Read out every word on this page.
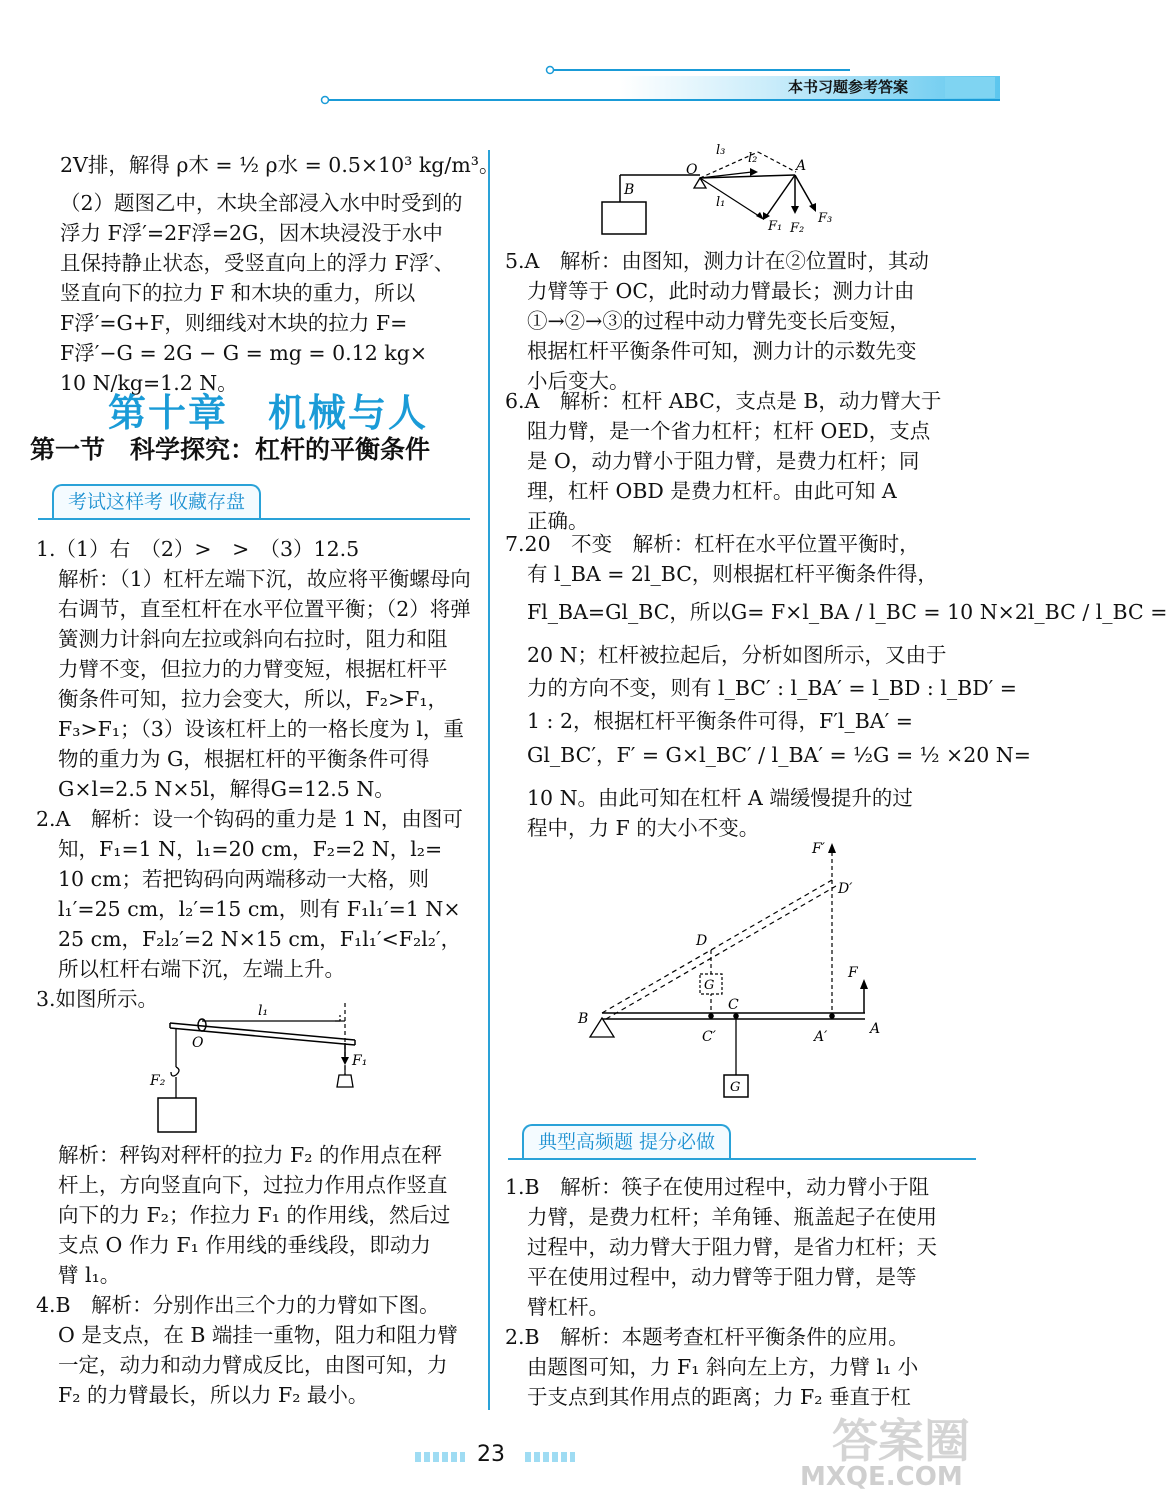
本书习题参考答案
2V排，解得 ρ木 = ½ ρ水 = 0.5×10³ kg/m³。
（2）题图乙中，木块全部浸入水中时受到的
浮力 F浮′=2F浮=2G，因木块浸没于水中
且保持静止状态，受竖直向上的浮力 F浮′、
竖直向下的拉力 F 和木块的重力，所以
F浮′=G+F，则细线对木块的拉力 F=
F浮′−G = 2G − G = mg = 0.12 kg×
10 N/kg=1.2 N。
第十章　机械与人
第一节　科学探究：杠杆的平衡条件
考试这样考 收藏存盘
1.（1）右　（2）>　>　（3）12.5
解析：（1）杠杆左端下沉，故应将平衡螺母向
右调节，直至杠杆在水平位置平衡；（2）将弹
簧测力计斜向左拉或斜向右拉时，阻力和阻
力臂不变，但拉力的力臂变短，根据杠杆平
衡条件可知，拉力会变大，所以，F₂>F₁，
F₃>F₁；（3）设该杠杆上的一格长度为 l，重
物的重力为 G，根据杠杆的平衡条件可得
G×l=2.5 N×5l，解得G=12.5 N。
2.A　解析：设一个钩码的重力是 1 N，由图可
知，F₁=1 N，l₁=20 cm，F₂=2 N，l₂=
10 cm；若把钩码向两端移动一大格，则
l₁′=25 cm，l₂′=15 cm，则有 F₁l₁′=1 N×
25 cm，F₂l₂′=2 N×15 cm，F₁l₁′<F₂l₂′，
所以杠杆右端下沉，左端上升。
3.如图所示。	l₁
O
F₁
F₂
解析：秤钩对秤杆的拉力 F₂ 的作用点在秤
杆上，方向竖直向下，过拉力作用点作竖直
向下的力 F₂；作拉力 F₁ 的作用线，然后过
支点 O 作力 F₁ 作用线的垂线段，即动力
臂 l₁。
4.B　解析：分别作出三个力的力臂如下图。
O 是支点，在 B 端挂一重物，阻力和阻力臂
一定，动力和动力臂成反比，由图可知，力
F₂ 的力臂最长，所以力 F₂ 最小。
l₃
l₂
l₁
O	A
B
F₁ F₂
F₃
5.A　解析：由图知，测力计在②位置时，其动
力臂等于 OC，此时动力臂最长；测力计由
①→②→③的过程中动力臂先变长后变短，
根据杠杆平衡条件可知，测力计的示数先变
小后变大。
6.A　解析：杠杆 ABC，支点是 B，动力臂大于
阻力臂，是一个省力杠杆；杠杆 OED，支点
是 O，动力臂小于阻力臂，是费力杠杆；同
理，杠杆 OBD 是费力杠杆。由此可知 A
正确。
7.20　不变　解析：杠杆在水平位置平衡时，
有 l_BA = 2l_BC，则根据杠杆平衡条件得，
Fl_BA=Gl_BC，所以G= F×l_BA / l_BC = 10 N×2l_BC / l_BC =
20 N；杠杆被拉起后，分析如图所示，又由于
力的方向不变，则有 l_BC′ : l_BA′ = l_BD : l_BD′ =
1 : 2，根据杠杆平衡条件可得，F′l_BA′ =
Gl_BC′，F′ = G×l_BC′ / l_BA′ = ½G = ½ ×20 N=
10 N。由此可知在杠杆 A 端缓慢提升的过
程中，力 F 的大小不变。
F′
D′
D
G
C
F
B
C′	A′	A
G
典型高频题 提分必做
1.B　解析：筷子在使用过程中，动力臂小于阻
力臂，是费力杠杆；羊角锤、瓶盖起子在使用
过程中，动力臂大于阻力臂，是省力杠杆；天
平在使用过程中，动力臂等于阻力臂，是等
臂杠杆。
2.B　解析：本题考查杠杆平衡条件的应用。
由题图可知，力 F₁ 斜向左上方，力臂 l₁ 小
于支点到其作用点的距离；力 F₂ 垂直于杠
23	答案圈
MXQE.COM
